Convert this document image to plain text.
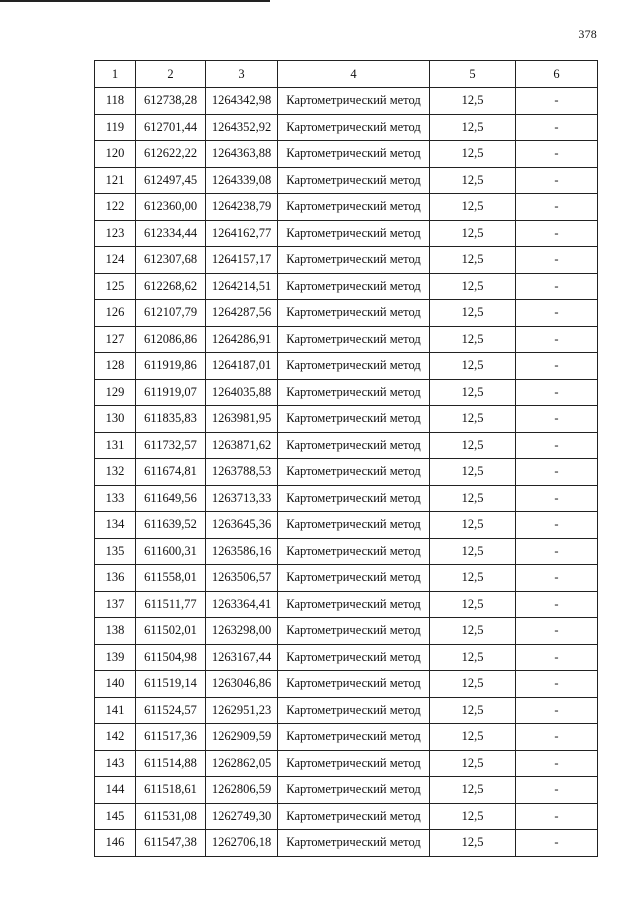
378
1	2	3	4	5	6
118	612738,28	1264342,98	Картометрический метод	12,5	-
119	612701,44	1264352,92	Картометрический метод	12,5	-
120	612622,22	1264363,88	Картометрический метод	12,5	-
121	612497,45	1264339,08	Картометрический метод	12,5	-
122	612360,00	1264238,79	Картометрический метод	12,5	-
123	612334,44	1264162,77	Картометрический метод	12,5	-
124	612307,68	1264157,17	Картометрический метод	12,5	-
125	612268,62	1264214,51	Картометрический метод	12,5	-
126	612107,79	1264287,56	Картометрический метод	12,5	-
127	612086,86	1264286,91	Картометрический метод	12,5	-
128	611919,86	1264187,01	Картометрический метод	12,5	-
129	611919,07	1264035,88	Картометрический метод	12,5	-
130	611835,83	1263981,95	Картометрический метод	12,5	-
131	611732,57	1263871,62	Картометрический метод	12,5	-
132	611674,81	1263788,53	Картометрический метод	12,5	-
133	611649,56	1263713,33	Картометрический метод	12,5	-
134	611639,52	1263645,36	Картометрический метод	12,5	-
135	611600,31	1263586,16	Картометрический метод	12,5	-
136	611558,01	1263506,57	Картометрический метод	12,5	-
137	611511,77	1263364,41	Картометрический метод	12,5	-
138	611502,01	1263298,00	Картометрический метод	12,5	-
139	611504,98	1263167,44	Картометрический метод	12,5	-
140	611519,14	1263046,86	Картометрический метод	12,5	-
141	611524,57	1262951,23	Картометрический метод	12,5	-
142	611517,36	1262909,59	Картометрический метод	12,5	-
143	611514,88	1262862,05	Картометрический метод	12,5	-
144	611518,61	1262806,59	Картометрический метод	12,5	-
145	611531,08	1262749,30	Картометрический метод	12,5	-
146	611547,38	1262706,18	Картометрический метод	12,5	-
